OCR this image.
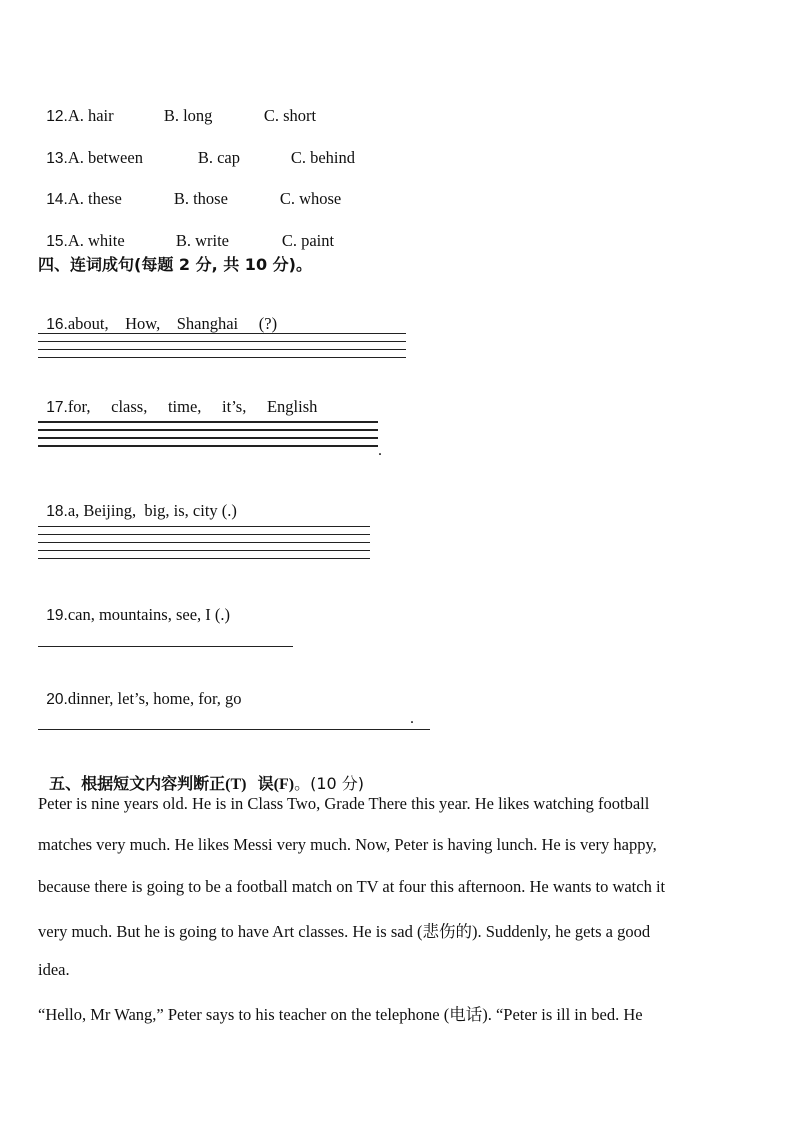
12.A. hair	B. long	C. short

13.A. between	B. cap	C. behind

14.A. these	B. those	C. whose

15.A. white	B. write	C. paint

四、连词成句(每题 2 分, 共 10 分)。

16.about,    How,    Shanghai     (?)

17.for,     class,     time,     it’s,     English

.

18.a, Beijing,  big, is, city (.)

19.can, mountains, see, I (.)

20.dinner, let’s, home, for, go

.

五、根据短文内容判断正(T)  误(F)。(10 分)

Peter is nine years old. He is in Class Two, Grade There this year. He likes watching football
matches very much. He likes Messi very much. Now, Peter is having lunch. He is very happy,
because there is going to be a football match on TV at four this afternoon. He wants to watch it
very much. But he is going to have Art classes. He is sad (悲伤的). Suddenly, he gets a good
idea.
“Hello, Mr Wang,” Peter says to his teacher on the telephone (电话). “Peter is ill in bed. He
